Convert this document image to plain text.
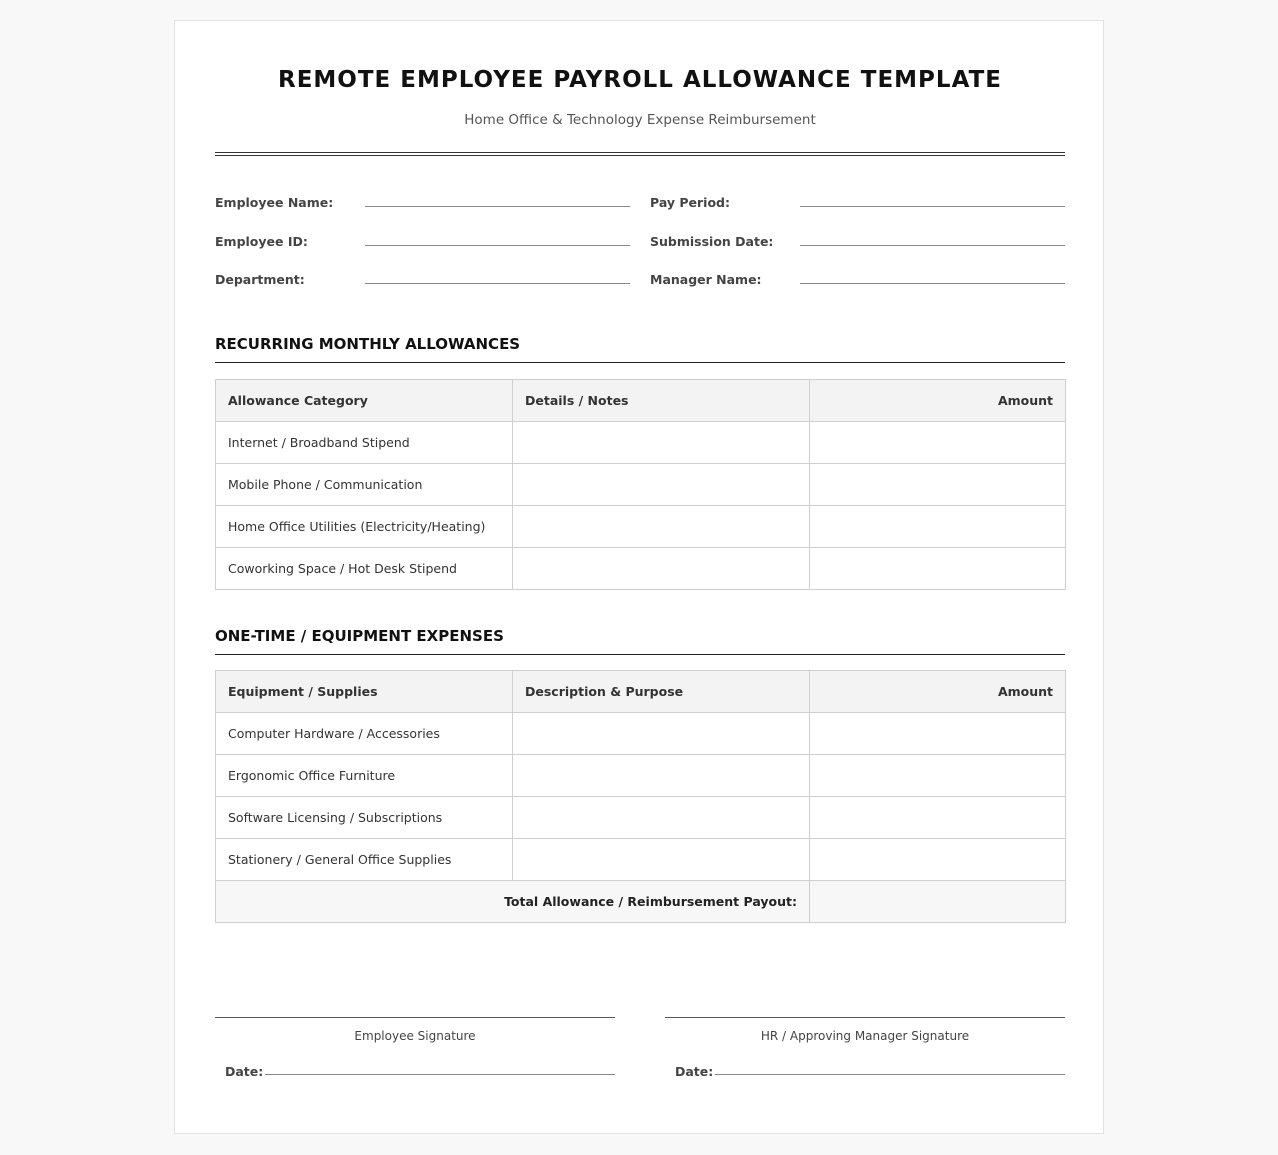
REMOTE EMPLOYEE PAYROLL ALLOWANCE TEMPLATE
Home Office & Technology Expense Reimbursement
Employee Name:
Employee ID:
Department:
Pay Period:
Submission Date:
Manager Name:
RECURRING MONTHLY ALLOWANCES
Allowance Category	Details / Notes	Amount
Internet / Broadband Stipend		
Mobile Phone / Communication		
Home Office Utilities (Electricity/Heating)		
Coworking Space / Hot Desk Stipend		
ONE-TIME / EQUIPMENT EXPENSES
Equipment / Supplies	Description & Purpose	Amount
Computer Hardware / Accessories		
Ergonomic Office Furniture		
Software Licensing / Subscriptions		
Stationery / General Office Supplies		
Total Allowance / Reimbursement Payout:		
Employee Signature
Date:
HR / Approving Manager Signature
Date:
